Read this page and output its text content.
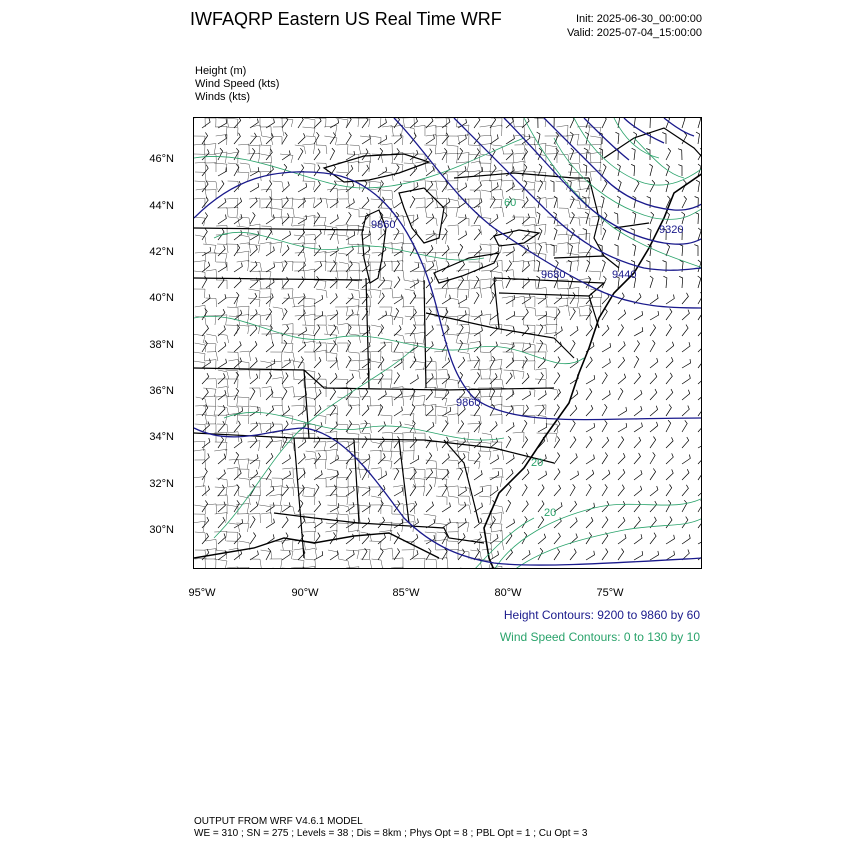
IWFAQRP Eastern US Real Time WRF	Init: 2025-06-30_00:00:00
Valid: 2025-07-04_15:00:00
Height (m)
Wind Speed (kts)
Winds (kts)
9860
9680	9440
9320
9860
60
20
20
46°N
44°N
42°N
40°N
38°N
36°N
34°N
32°N
30°N
95°W	90°W	85°W	80°W	75°W
Height Contours: 9200 to 9860 by 60
Wind Speed Contours: 0 to 130 by 10
OUTPUT FROM WRF V4.6.1 MODEL
WE = 310 ; SN = 275 ; Levels = 38 ; Dis = 8km ; Phys Opt = 8 ; PBL Opt = 1 ; Cu Opt = 3
